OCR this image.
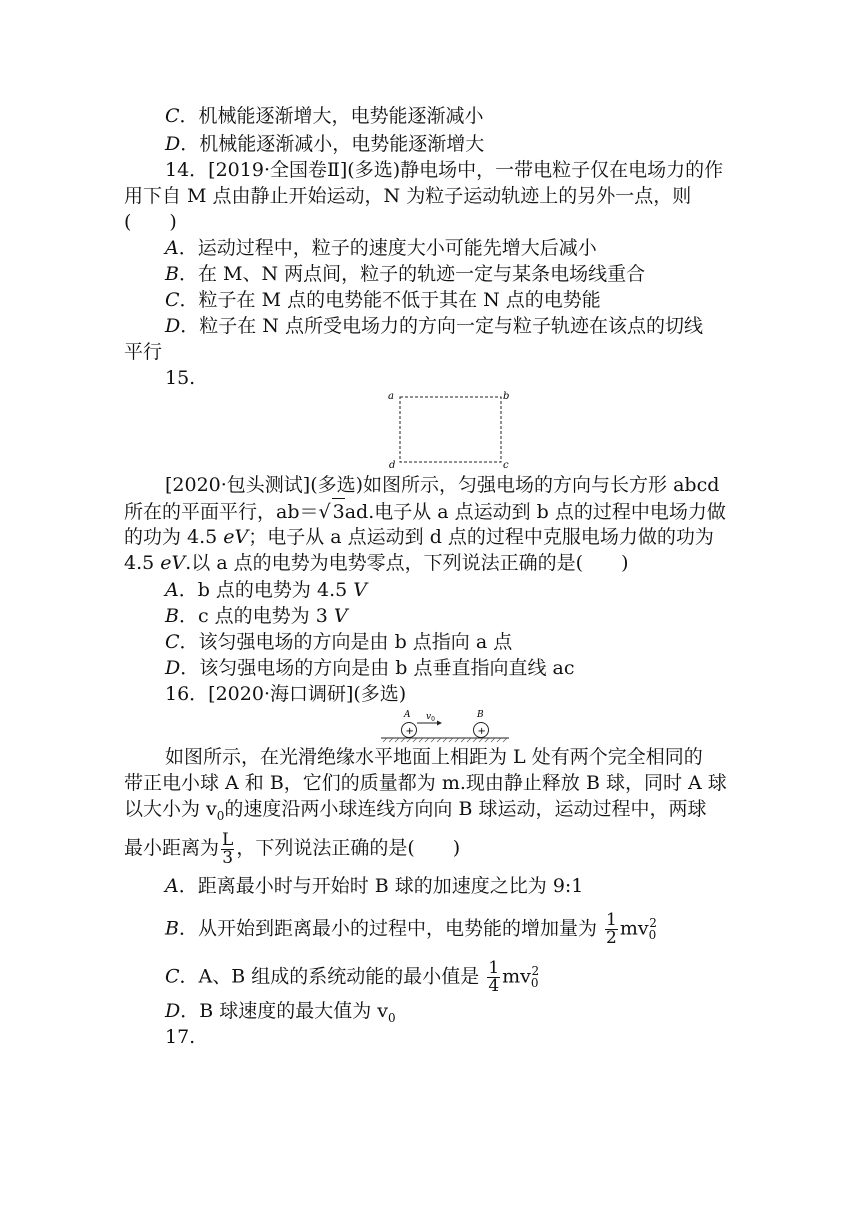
C．机械能逐渐增大，电势能逐渐减小
D．机械能逐渐减小，电势能逐渐增大
14．[2019·全国卷Ⅱ](多选)静电场中，一带电粒子仅在电场力的作
用下自 M 点由静止开始运动，N 为粒子运动轨迹上的另外一点，则
(　　)
A．运动过程中，粒子的速度大小可能先增大后减小
B．在 M、N 两点间，粒子的轨迹一定与某条电场线重合
C．粒子在 M 点的电势能不低于其在 N 点的电势能
D．粒子在 N 点所受电场力的方向一定与粒子轨迹在该点的切线
平行
15.
a	b
d	c
[2020·包头测试](多选)如图所示，匀强电场的方向与长方形 abcd
所在的平面平行，ab＝√ 3ad.电子从 a 点运动到 b 点的过程中电场力做
的功为 4.5 eV；电子从 a 点运动到 d 点的过程中克服电场力做的功为
4.5 eV.以 a 点的电势为电势零点，下列说法正确的是(　　)
A．b 点的电势为 4.5 V
B．c 点的电势为 3 V
C．该匀强电场的方向是由 b 点指向 a 点
D．该匀强电场的方向是由 b 点垂直指向直线 ac
16．[2020·海口调研](多选)
+	+
A	B
$v_0$
如图所示，在光滑绝缘水平地面上相距为 L 处有两个完全相同的
带正电小球 A 和 B，它们的质量都为 m.现由静止释放 B 球，同时 A 球
以大小为 $v_0$的速度沿两小球连线方向向 B 球运动，运动过程中，两球
最小距离为 $\frac{L}{3}$ ，下列说法正确的是(　　)
A．距离最小时与开始时 B 球的加速度之比为 9:1
B．从开始到距离最小的过程中，电势能的增加量为 $\frac{1}{2} mv_0^2$
C．A、B 组成的系统动能的最小值是 $\frac{1}{4} mv_0^2$
D．B 球速度的最大值为 $v_0$
17.
